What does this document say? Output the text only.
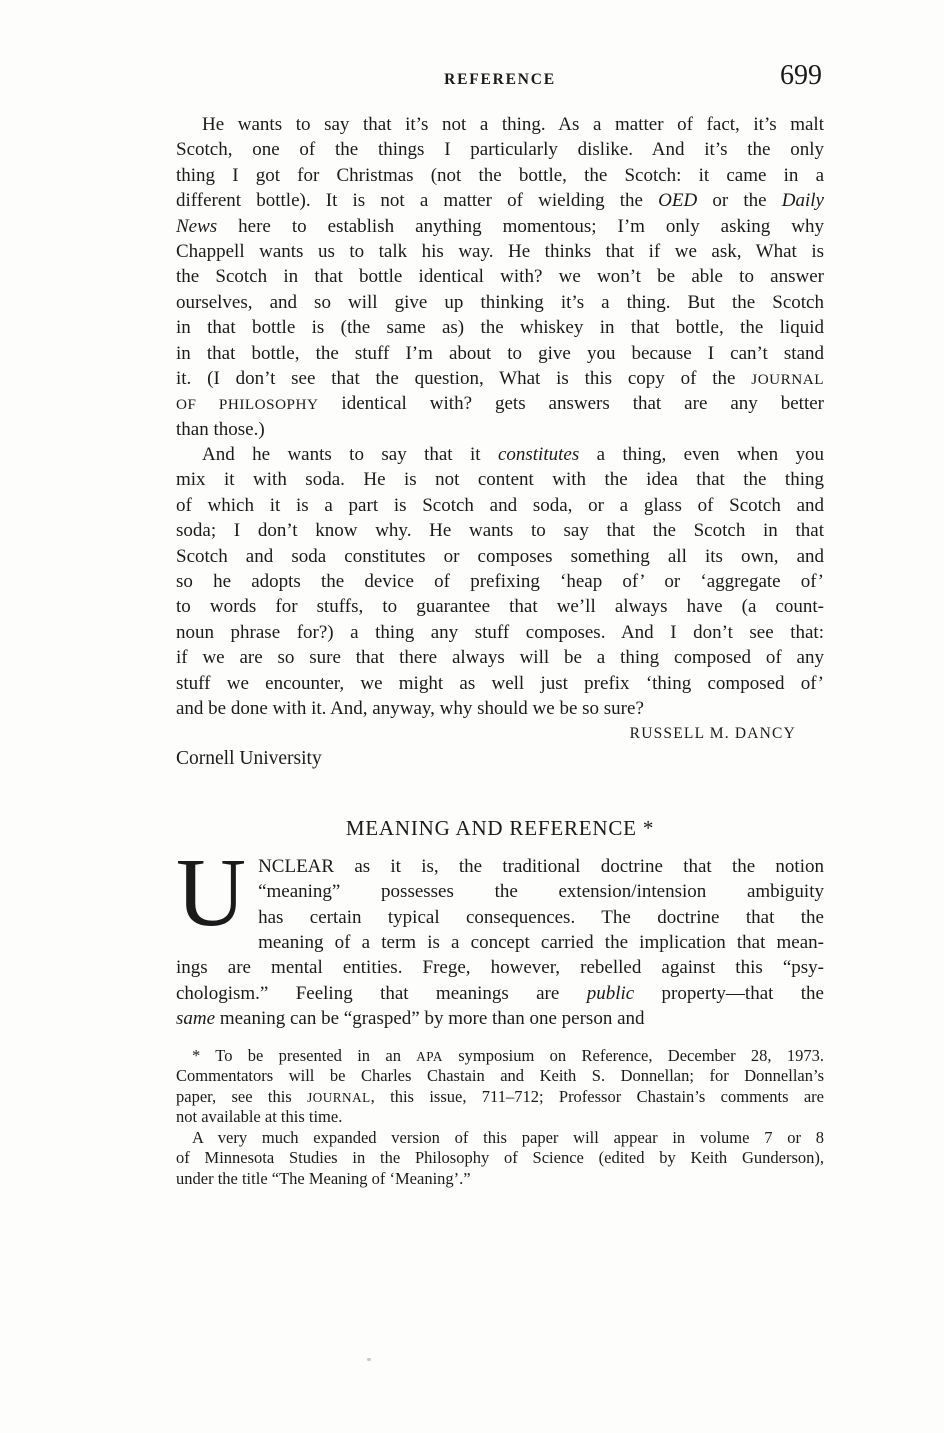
REFERENCE	699
He wants to say that it’s not a thing. As a matter of fact, it’s malt
Scotch, one of the things I particularly dislike. And it’s the only
thing I got for Christmas (not the bottle, the Scotch: it came in a
different bottle). It is not a matter of wielding the OED or the Daily
News here to establish anything momentous; I’m only asking why
Chappell wants us to talk his way. He thinks that if we ask, What is
the Scotch in that bottle identical with? we won’t be able to answer
ourselves, and so will give up thinking it’s a thing. But the Scotch
in that bottle is (the same as) the whiskey in that bottle, the liquid
in that bottle, the stuff I’m about to give you because I can’t stand
it. (I don’t see that the question, What is this copy of the JOURNAL
OF PHILOSOPHY identical with? gets answers that are any better
than those.)
And he wants to say that it constitutes a thing, even when you
mix it with soda. He is not content with the idea that the thing
of which it is a part is Scotch and soda, or a glass of Scotch and
soda; I don’t know why. He wants to say that the Scotch in that
Scotch and soda constitutes or composes something all its own, and
so he adopts the device of prefixing ‘heap of’ or ‘aggregate of’
to words for stuffs, to guarantee that we’ll always have (a count-
noun phrase for?) a thing any stuff composes. And I don’t see that:
if we are so sure that there always will be a thing composed of any
stuff we encounter, we might as well just prefix ‘thing composed of’
and be done with it. And, anyway, why should we be so sure?
RUSSELL M. DANCY
Cornell University
MEANING AND REFERENCE *
U NCLEAR as it is, the traditional doctrine that the notion
“meaning” possesses the extension/intension ambiguity
has certain typical consequences. The doctrine that the
meaning of a term is a concept carried the implication that mean-
ings are mental entities. Frege, however, rebelled against this “psy-
chologism.” Feeling that meanings are public property—that the
same meaning can be “grasped” by more than one person and
* To be presented in an APA symposium on Reference, December 28, 1973.
Commentators will be Charles Chastain and Keith S. Donnellan; for Donnellan’s
paper, see this JOURNAL, this issue, 711–712; Professor Chastain’s comments are
not available at this time.
A very much expanded version of this paper will appear in volume 7 or 8
of Minnesota Studies in the Philosophy of Science (edited by Keith Gunderson),
under the title “The Meaning of ‘Meaning’.”
